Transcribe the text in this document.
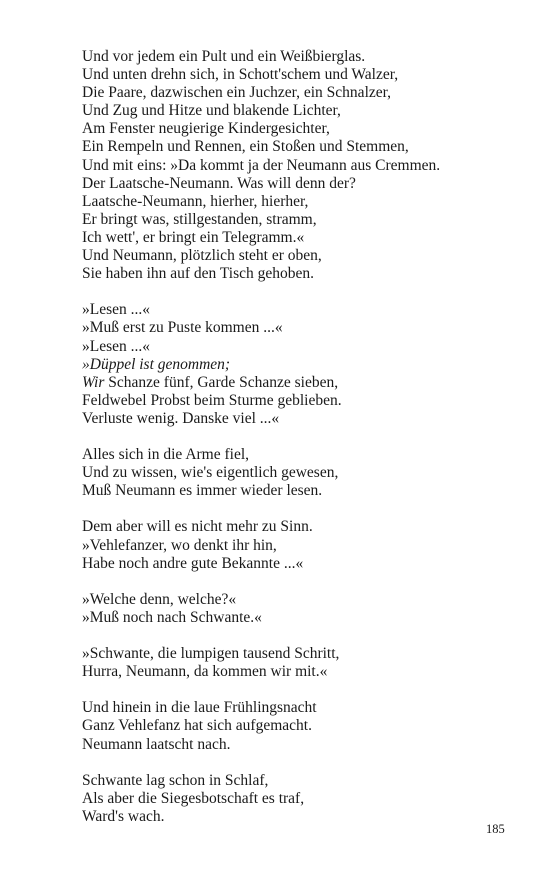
Und vor jedem ein Pult und ein Weißbierglas.
Und unten drehn sich, in Schott'schem und Walzer,
Die Paare, dazwischen ein Juchzer, ein Schnalzer,
Und Zug und Hitze und blakende Lichter,
Am Fenster neugierige Kindergesichter,
Ein Rempeln und Rennen, ein Stoßen und Stemmen,
Und mit eins: »Da kommt ja der Neumann aus Cremmen.
Der Laatsche-Neumann. Was will denn der?
Laatsche-Neumann, hierher, hierher,
Er bringt was, stillgestanden, stramm,
Ich wett', er bringt ein Telegramm.«
Und Neumann, plötzlich steht er oben,
Sie haben ihn auf den Tisch gehoben.
»Lesen ...«
»Muß erst zu Puste kommen ...«
»Lesen ...«
»Düppel ist genommen;
Wir Schanze fünf, Garde Schanze sieben,
Feldwebel Probst beim Sturme geblieben.
Verluste wenig. Danske viel ...«
Alles sich in die Arme fiel,
Und zu wissen, wie's eigentlich gewesen,
Muß Neumann es immer wieder lesen.
Dem aber will es nicht mehr zu Sinn.
»Vehlefanzer, wo denkt ihr hin,
Habe noch andre gute Bekannte ...«
»Welche denn, welche?«
»Muß noch nach Schwante.«
»Schwante, die lumpigen tausend Schritt,
Hurra, Neumann, da kommen wir mit.«
Und hinein in die laue Frühlingsnacht
Ganz Vehlefanz hat sich aufgemacht.
Neumann laatscht nach.
Schwante lag schon in Schlaf,
Als aber die Siegesbotschaft es traf,
Ward's wach.
185
